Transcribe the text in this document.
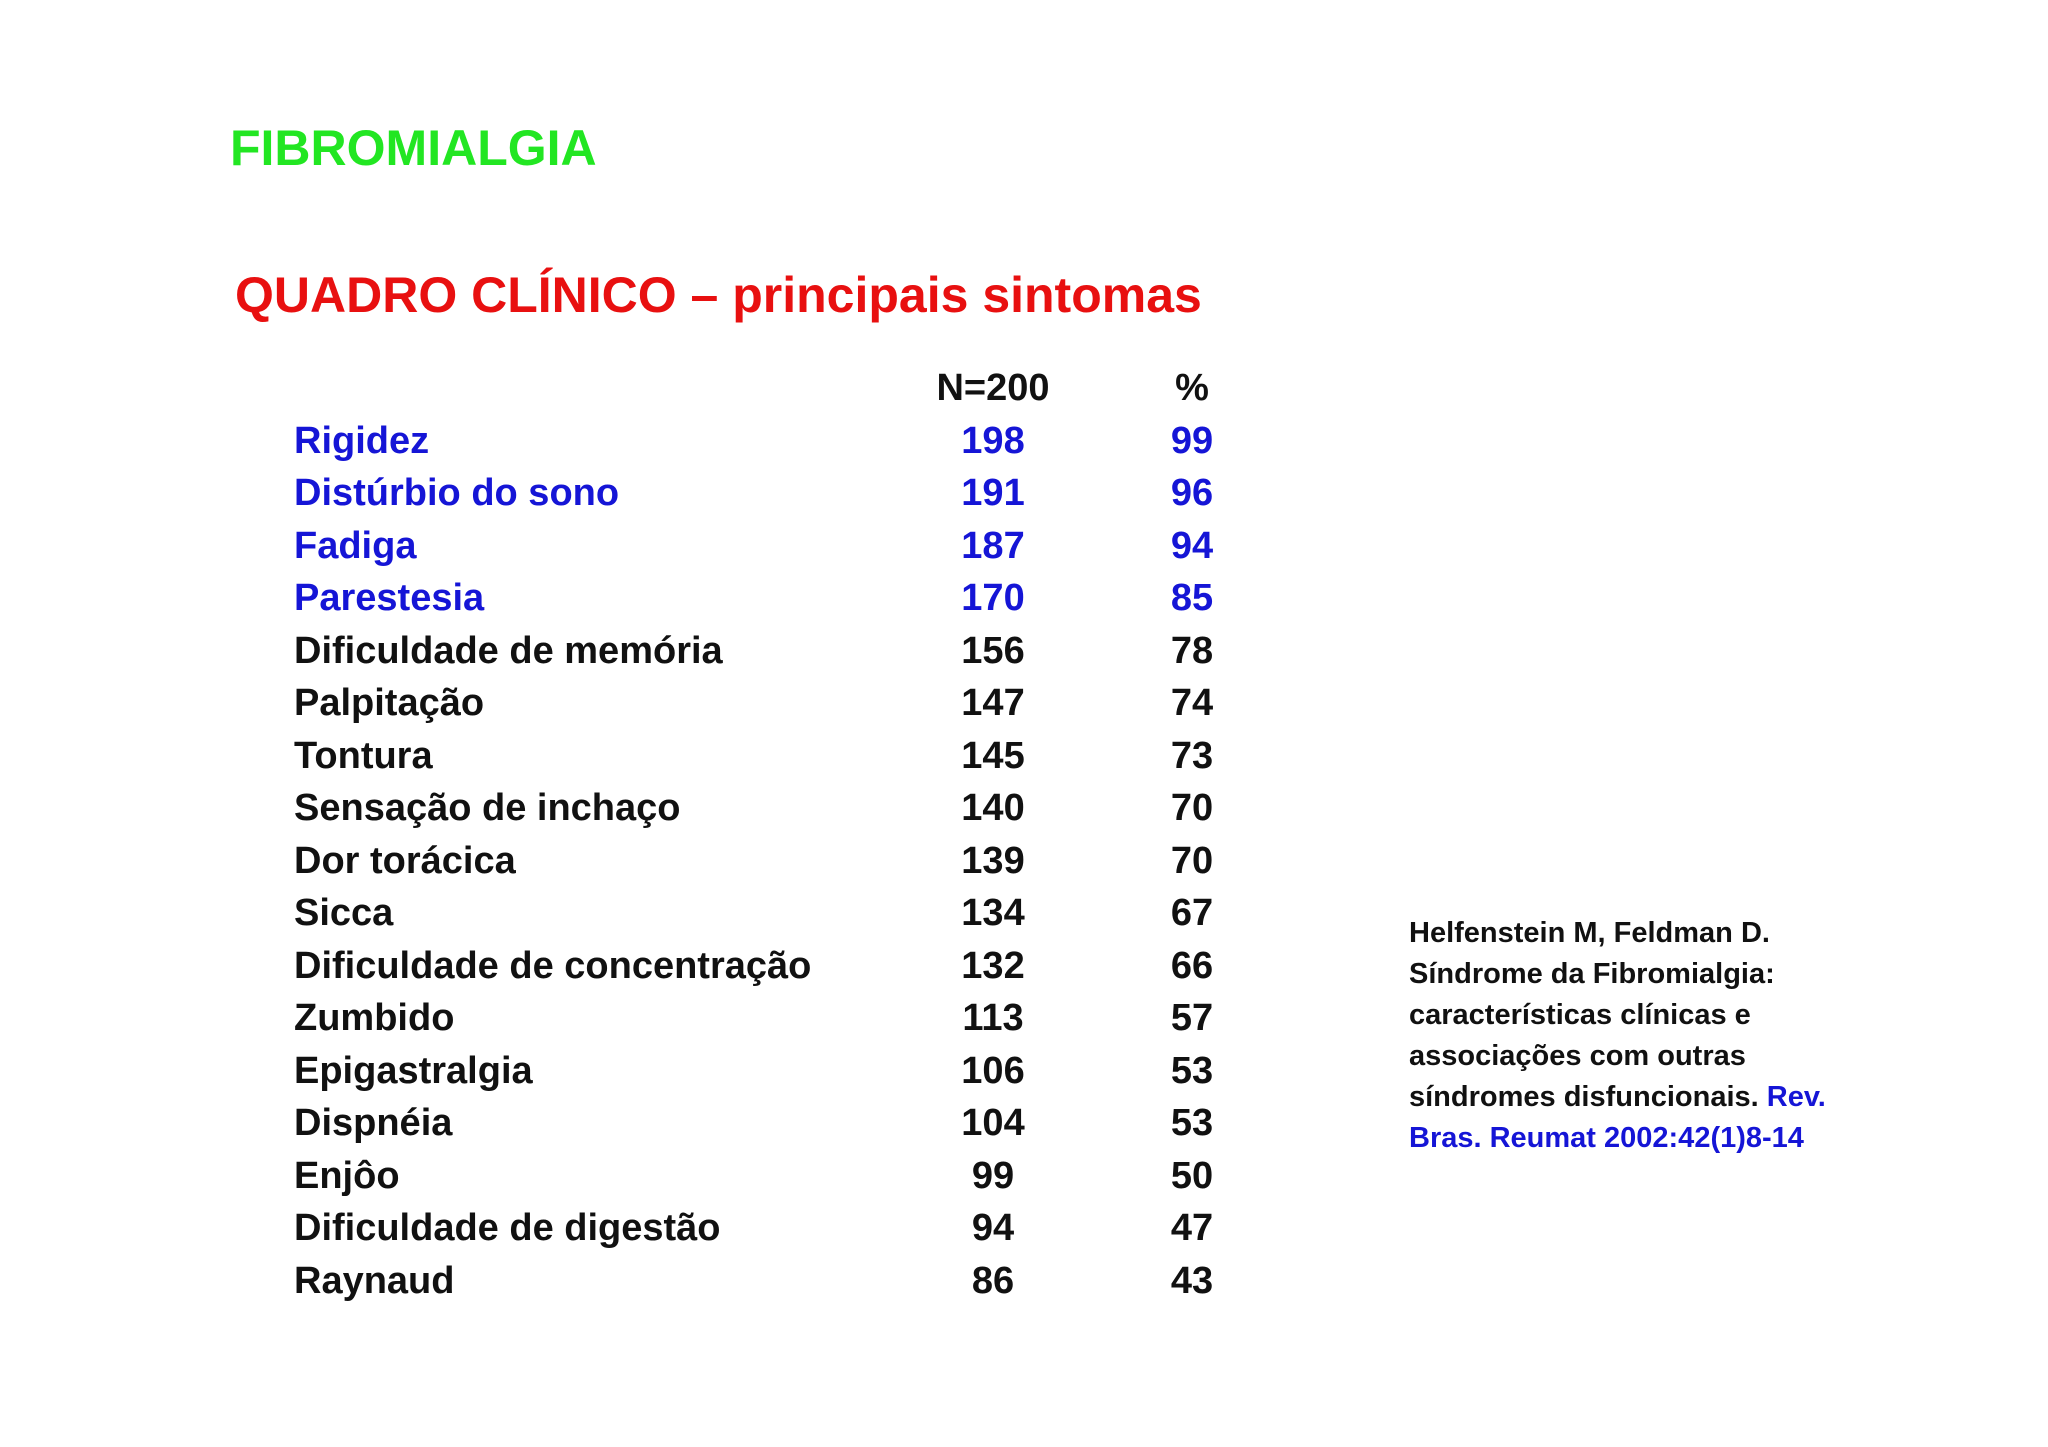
FIBROMIALGIA
QUADRO CLÍNICO – principais sintomas
	N=200	%
Rigidez	198	99
Distúrbio do sono	191	96
Fadiga	187	94
Parestesia	170	85
Dificuldade de memória	156	78
Palpitação	147	74
Tontura	145	73
Sensação de inchaço	140	70
Dor torácica	139	70
Sicca	134	67
Dificuldade de concentração	132	66
Zumbido	113	57
Epigastralgia	106	53
Dispnéia	104	53
Enjôo	99	50
Dificuldade de digestão	94	47
Raynaud	86	43
Helfenstein M, Feldman D. Síndrome da Fibromialgia: características clínicas e associações com outras síndromes disfuncionais. Rev. Bras. Reumat 2002:42(1)8-14
